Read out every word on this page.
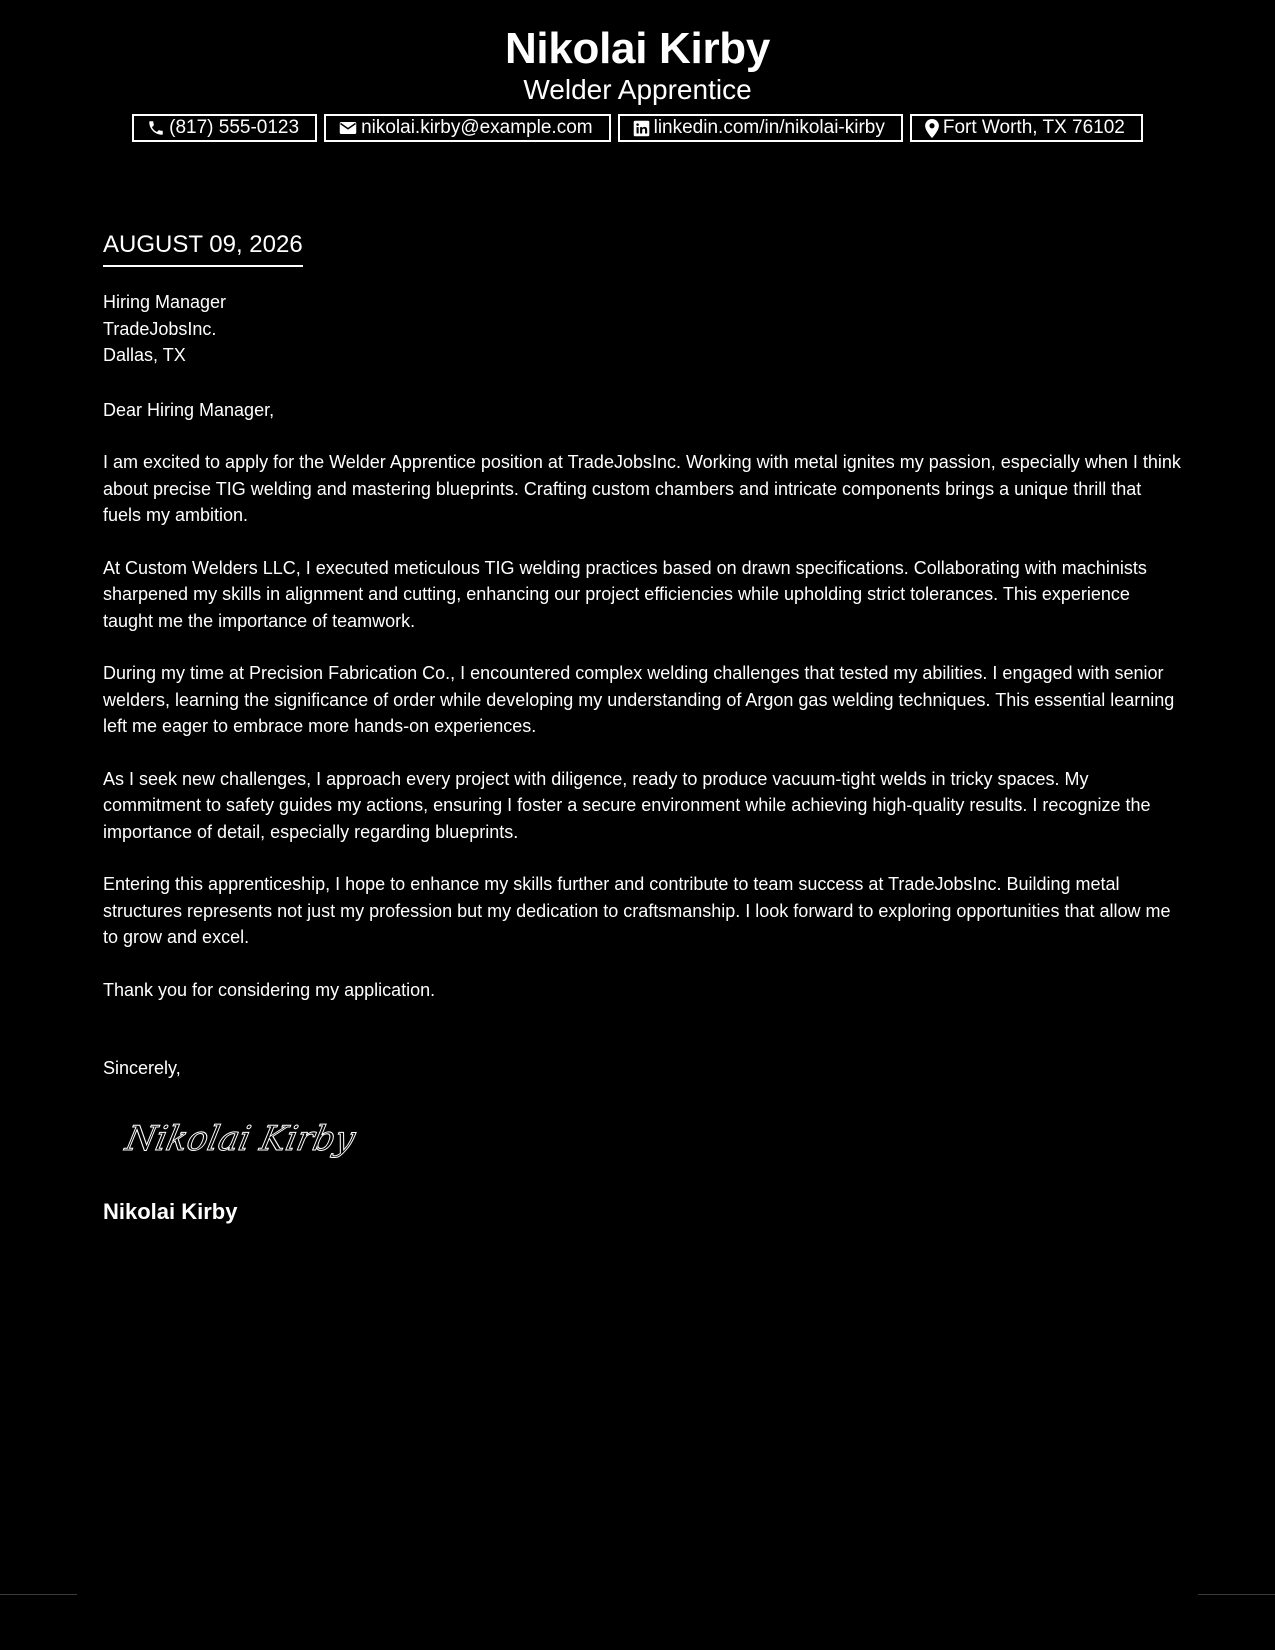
Nikolai Kirby
Welder Apprentice
(817) 555-0123	nikolai.kirby@example.com	linkedin.com/in/nikolai-kirby	Fort Worth, TX 76102
AUGUST 09, 2026
Hiring Manager
TradeJobsInc.
Dallas, TX
Dear Hiring Manager,
I am excited to apply for the Welder Apprentice position at TradeJobsInc. Working with metal ignites my passion, especially when I think about precise TIG welding and mastering blueprints. Crafting custom chambers and intricate components brings a unique thrill that fuels my ambition.
At Custom Welders LLC, I executed meticulous TIG welding practices based on drawn specifications. Collaborating with machinists sharpened my skills in alignment and cutting, enhancing our project efficiencies while upholding strict tolerances. This experience taught me the importance of teamwork.
During my time at Precision Fabrication Co., I encountered complex welding challenges that tested my abilities. I engaged with senior welders, learning the significance of order while developing my understanding of Argon gas welding techniques. This essential learning left me eager to embrace more hands-on experiences.
As I seek new challenges, I approach every project with diligence, ready to produce vacuum-tight welds in tricky spaces. My commitment to safety guides my actions, ensuring I foster a secure environment while achieving high-quality results. I recognize the importance of detail, especially regarding blueprints.
Entering this apprenticeship, I hope to enhance my skills further and contribute to team success at TradeJobsInc. Building metal structures represents not just my profession but my dedication to craftsmanship. I look forward to exploring opportunities that allow me to grow and excel.
Thank you for considering my application.
Sincerely,
Nikolai Kirby
Nikolai Kirby
